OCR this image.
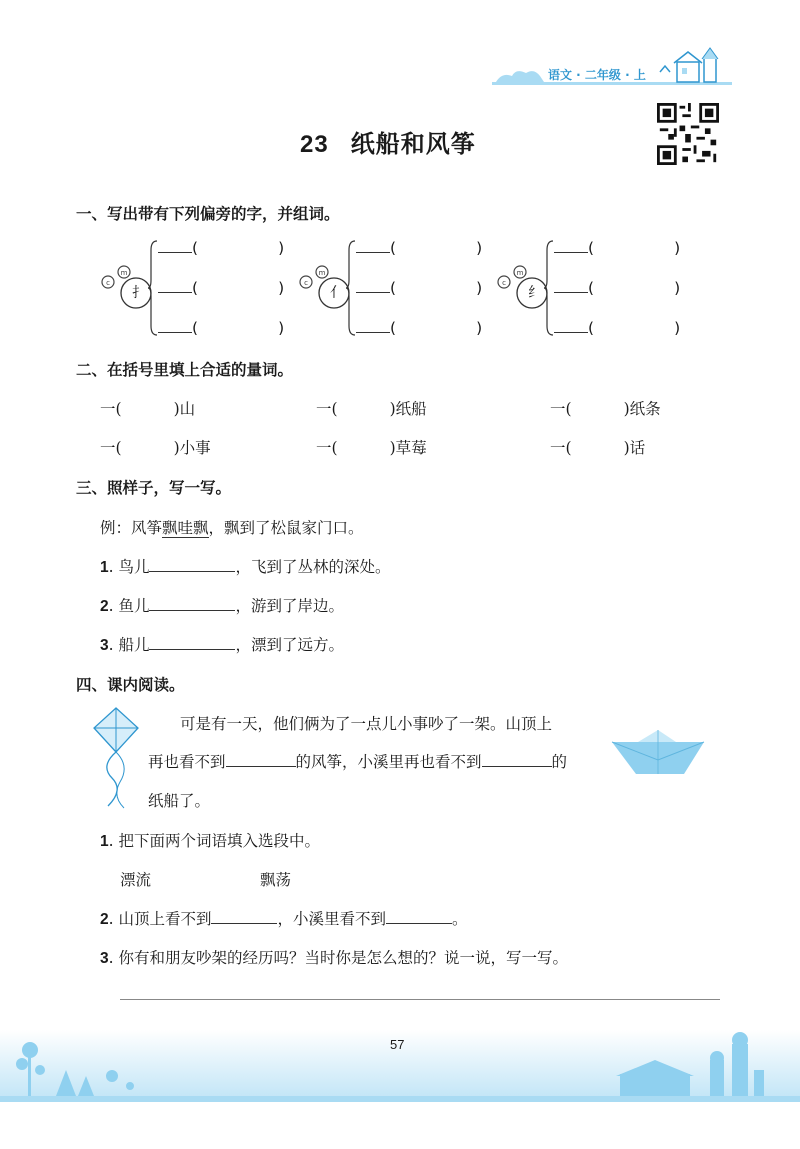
语文 · 二年级 · 上
23 纸船和风筝
一、写出带有下列偏旁的字，并组词。
c
m
扌
(	)
(	)
(	)
c
m
亻
(	)
(	)
(	)
c
m
纟
(	)
(	)
(	)
二、在括号里填上合适的量词。
一(	)山	一(	)纸船	一(	)纸条
一(	)小事	一(	)草莓	一(	)话
三、照样子，写一写。
例：风筝飘哇飘，飘到了松鼠家门口。
1. 鸟儿	，飞到了丛林的深处。
2. 鱼儿	，游到了岸边。
3. 船儿	，漂到了远方。
四、课内阅读。
可是有一天，他们俩为了一点儿小事吵了一架。山顶上
再也看不到	的风筝，小溪里再也看不到	的
纸船了。
1. 把下面两个词语填入选段中。
漂流	飘荡
2. 山顶上看不到	，小溪里看不到	。
3. 你有和朋友吵架的经历吗？当时你是怎么想的？说一说，写一写。
57
